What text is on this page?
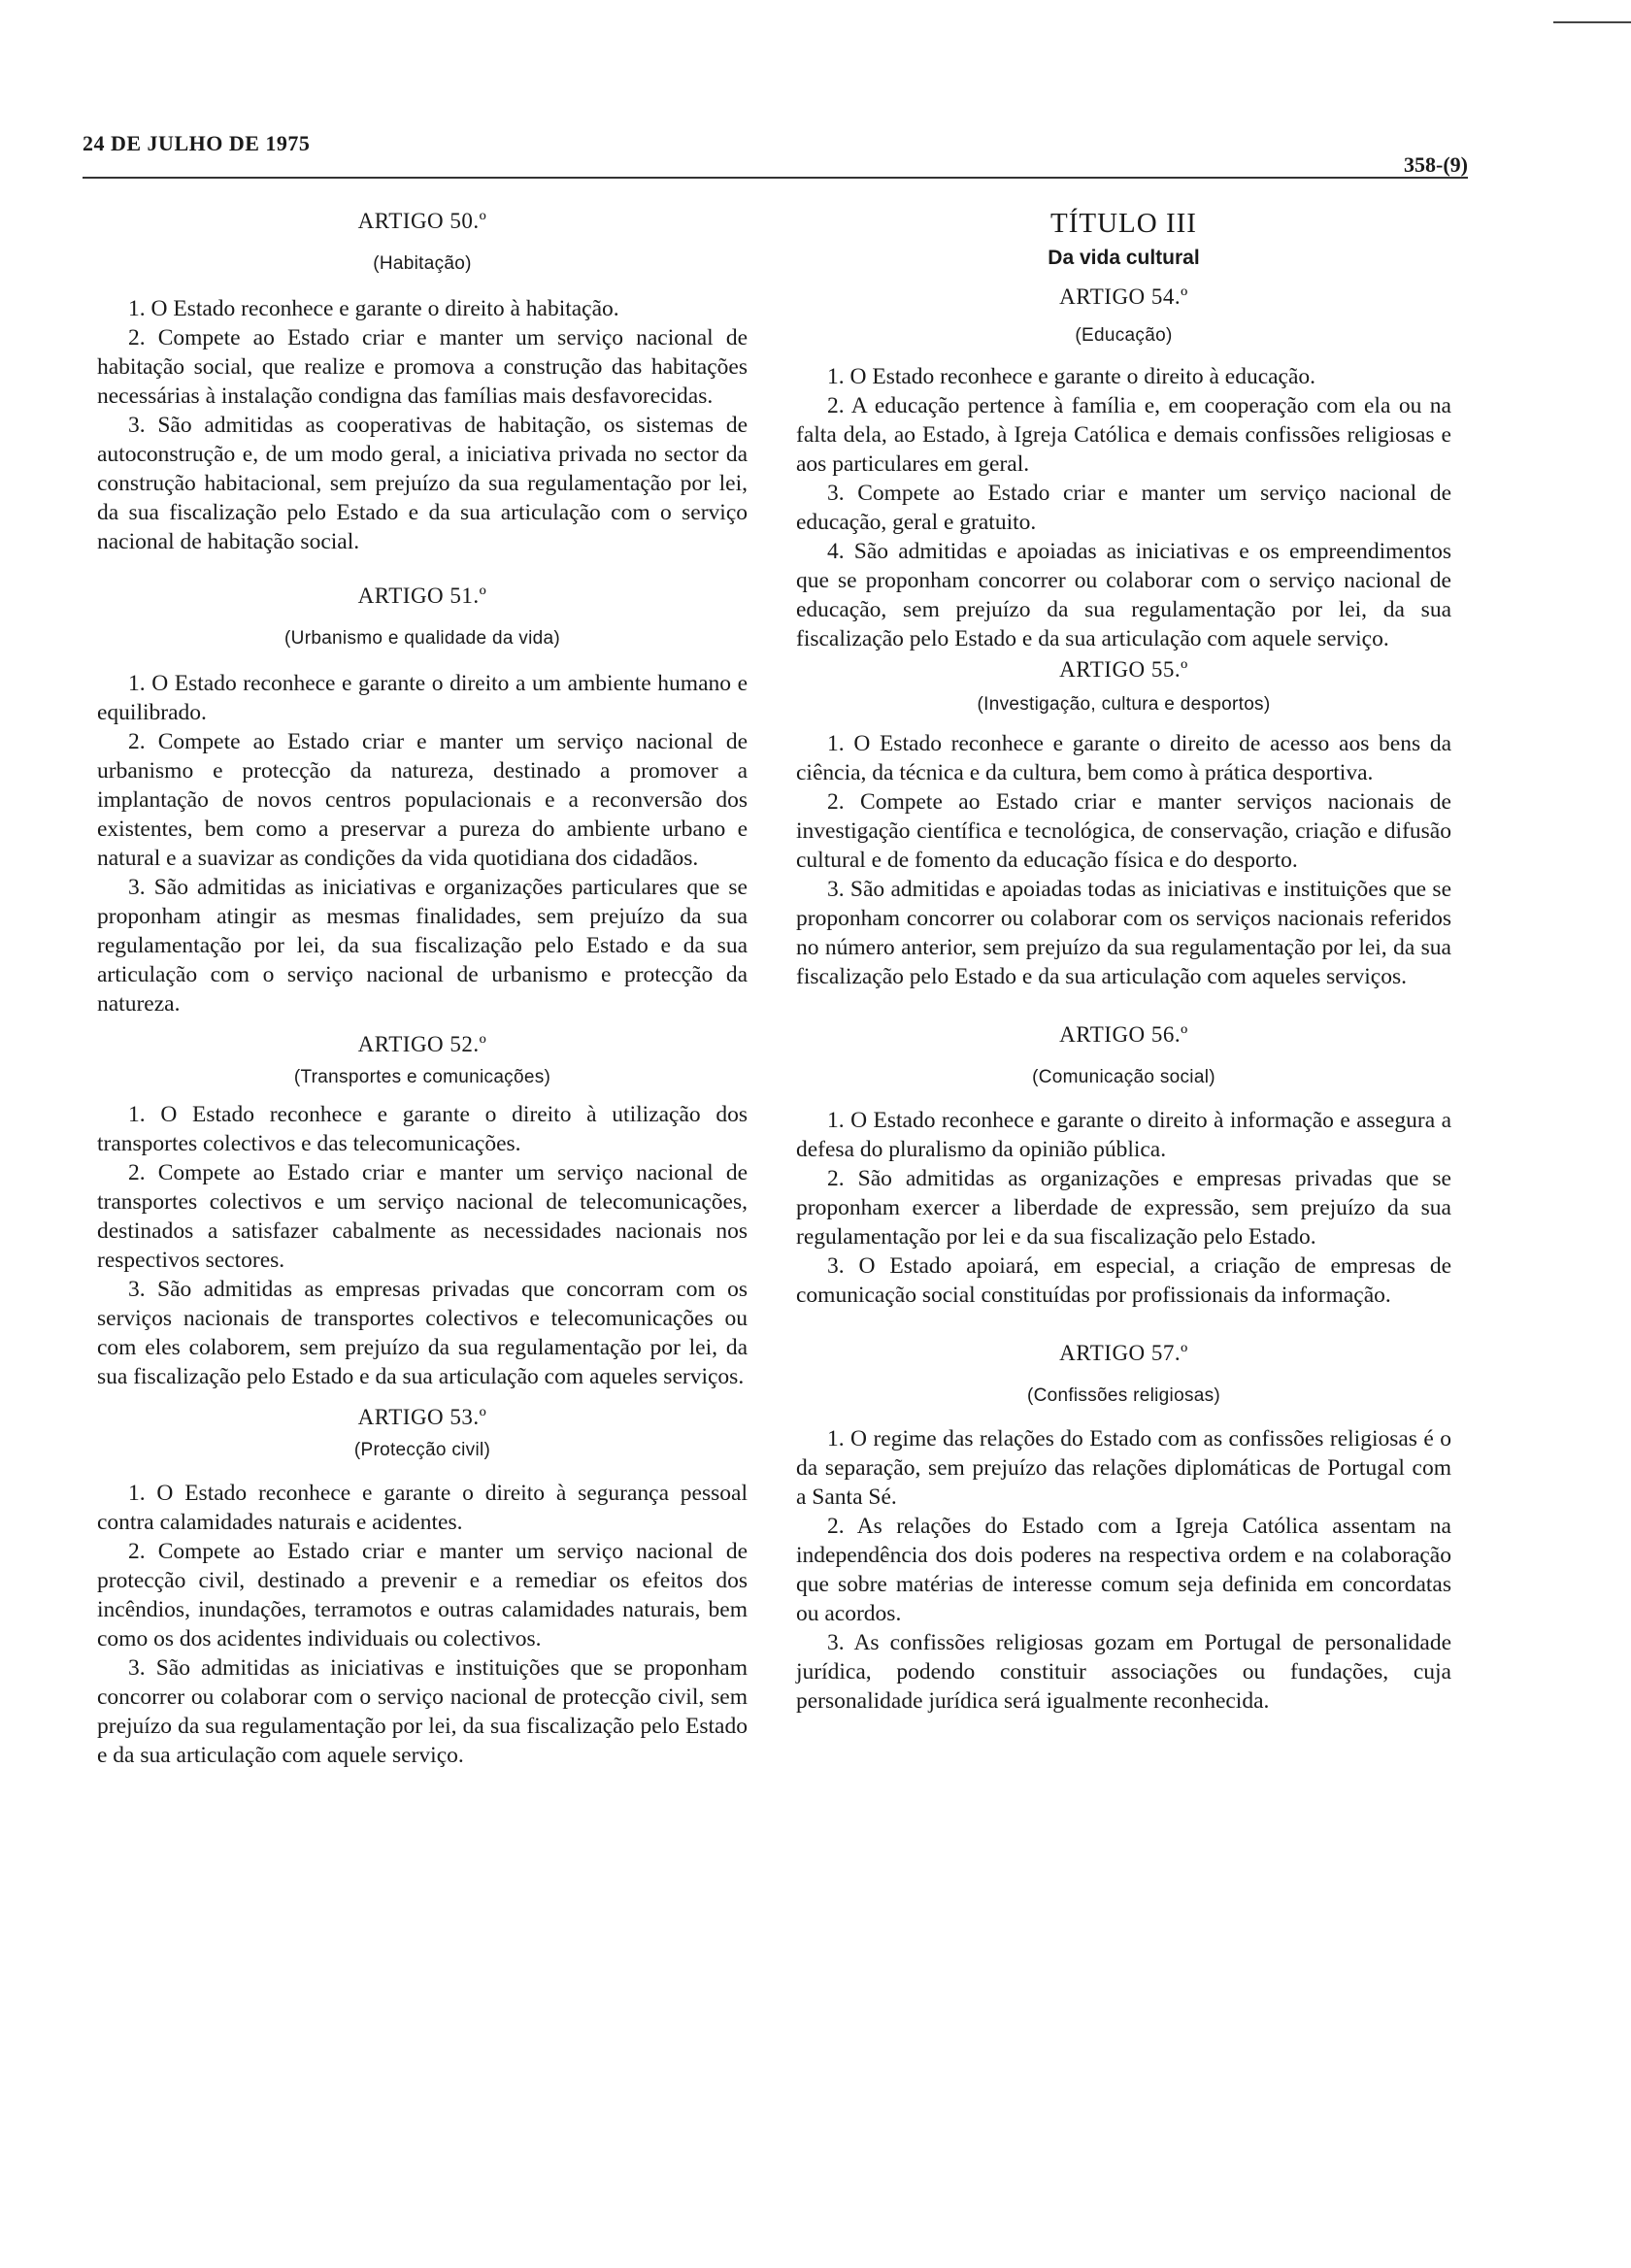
24 DE JULHO DE 1975
358-(9)

ARTIGO 50.º

(Habitação)

1. O Estado reconhece e garante o direito à habitação.

2. Compete ao Estado criar e manter um serviço nacional de habitação social, que realize e promova a construção das habitações necessárias à instalação condigna das famílias mais desfavorecidas.

3. São admitidas as cooperativas de habitação, os sistemas de autoconstrução e, de um modo geral, a iniciativa privada no sector da construção habitacional, sem prejuízo da sua regulamentação por lei, da sua fiscalização pelo Estado e da sua articulação com o serviço nacional de habitação social.

ARTIGO 51.º

(Urbanismo e qualidade da vida)

1. O Estado reconhece e garante o direito a um ambiente humano e equilibrado.

2. Compete ao Estado criar e manter um serviço nacional de urbanismo e protecção da natureza, destinado a promover a implantação de novos centros populacionais e a reconversão dos existentes, bem como a preservar a pureza do ambiente urbano e natural e a suavizar as condições da vida quotidiana dos cidadãos.

3. São admitidas as iniciativas e organizações particulares que se proponham atingir as mesmas finalidades, sem prejuízo da sua regulamentação por lei, da sua fiscalização pelo Estado e da sua articulação com o serviço nacional de urbanismo e protecção da natureza.

ARTIGO 52.º

(Transportes e comunicações)

1. O Estado reconhece e garante o direito à utilização dos transportes colectivos e das telecomunicações.

2. Compete ao Estado criar e manter um serviço nacional de transportes colectivos e um serviço nacional de telecomunicações, destinados a satisfazer cabalmente as necessidades nacionais nos respectivos sectores.

3. São admitidas as empresas privadas que concorram com os serviços nacionais de transportes colectivos e telecomunicações ou com eles colaborem, sem prejuízo da sua regulamentação por lei, da sua fiscalização pelo Estado e da sua articulação com aqueles serviços.

ARTIGO 53.º

(Protecção civil)

1. O Estado reconhece e garante o direito à segurança pessoal contra calamidades naturais e acidentes.

2. Compete ao Estado criar e manter um serviço nacional de protecção civil, destinado a prevenir e a remediar os efeitos dos incêndios, inundações, terramotos e outras calamidades naturais, bem como os dos acidentes individuais ou colectivos.

3. São admitidas as iniciativas e instituições que se proponham concorrer ou colaborar com o serviço nacional de protecção civil, sem prejuízo da sua regulamentação por lei, da sua fiscalização pelo Estado e da sua articulação com aquele serviço.

TÍTULO III

Da vida cultural

ARTIGO 54.º

(Educação)

1. O Estado reconhece e garante o direito à educação.

2. A educação pertence à família e, em cooperação com ela ou na falta dela, ao Estado, à Igreja Católica e demais confissões religiosas e aos particulares em geral.

3. Compete ao Estado criar e manter um serviço nacional de educação, geral e gratuito.

4. São admitidas e apoiadas as iniciativas e os empreendimentos que se proponham concorrer ou colaborar com o serviço nacional de educação, sem prejuízo da sua regulamentação por lei, da sua fiscalização pelo Estado e da sua articulação com aquele serviço.

ARTIGO 55.º

(Investigação, cultura e desportos)

1. O Estado reconhece e garante o direito de acesso aos bens da ciência, da técnica e da cultura, bem como à prática desportiva.

2. Compete ao Estado criar e manter serviços nacionais de investigação científica e tecnológica, de conservação, criação e difusão cultural e de fomento da educação física e do desporto.

3. São admitidas e apoiadas todas as iniciativas e instituições que se proponham concorrer ou colaborar com os serviços nacionais referidos no número anterior, sem prejuízo da sua regulamentação por lei, da sua fiscalização pelo Estado e da sua articulação com aqueles serviços.

ARTIGO 56.º

(Comunicação social)

1. O Estado reconhece e garante o direito à informação e assegura a defesa do pluralismo da opinião pública.

2. São admitidas as organizações e empresas privadas que se proponham exercer a liberdade de expressão, sem prejuízo da sua regulamentação por lei e da sua fiscalização pelo Estado.

3. O Estado apoiará, em especial, a criação de empresas de comunicação social constituídas por profissionais da informação.

ARTIGO 57.º

(Confissões religiosas)

1. O regime das relações do Estado com as confissões religiosas é o da separação, sem prejuízo das relações diplomáticas de Portugal com a Santa Sé.

2. As relações do Estado com a Igreja Católica assentam na independência dos dois poderes na respectiva ordem e na colaboração que sobre matérias de interesse comum seja definida em concordatas ou acordos.

3. As confissões religiosas gozam em Portugal de personalidade jurídica, podendo constituir associações ou fundações, cuja personalidade jurídica será igualmente reconhecida.
